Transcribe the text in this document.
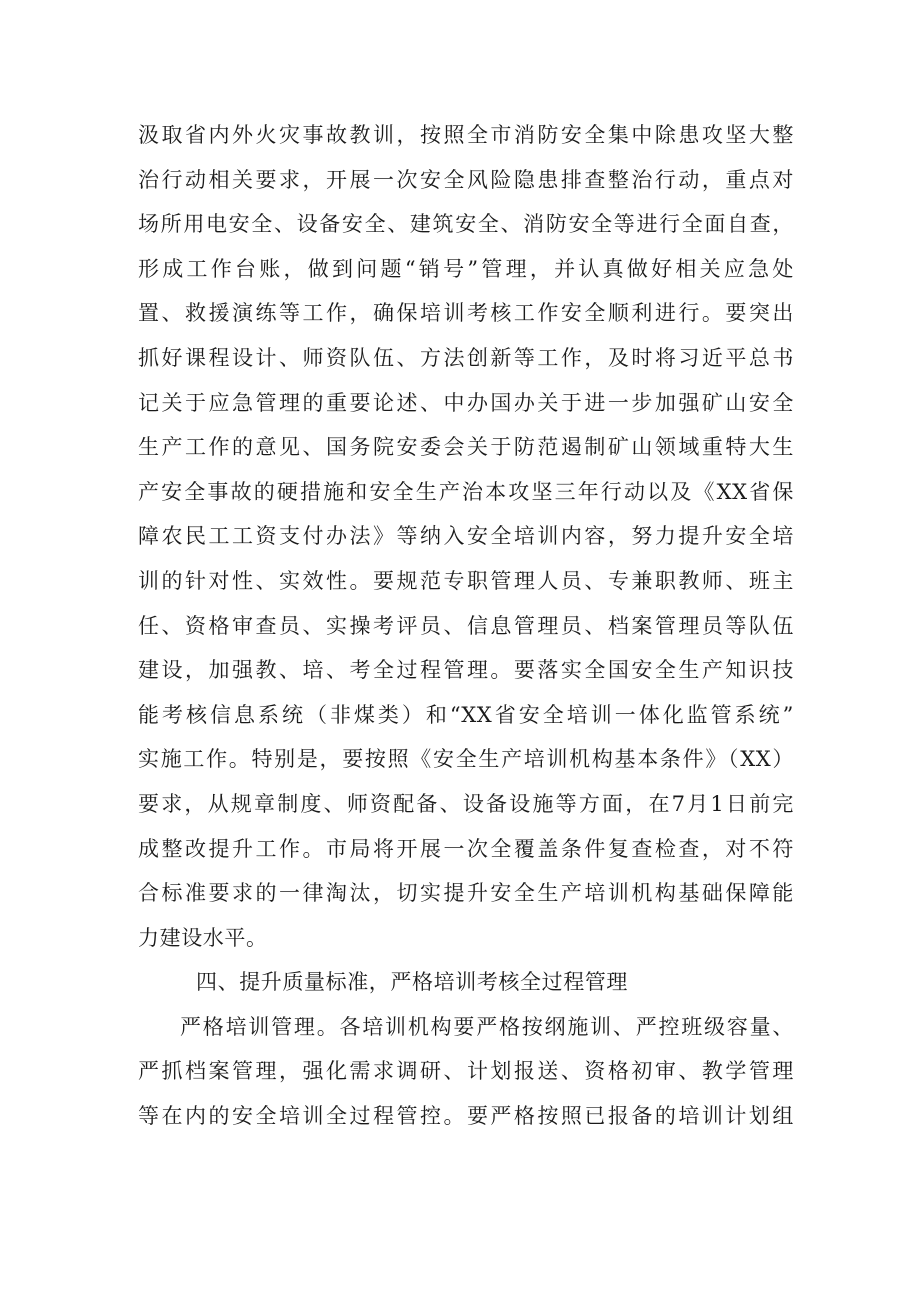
汲取省内外火灾事故教训，按照全市消防安全集中除患攻坚大整
治行动相关要求，开展一次安全风险隐患排查整治行动，重点对
场所用电安全、设备安全、建筑安全、消防安全等进行全面自查，
形成工作台账，做到问题“销号”管理，并认真做好相关应急处
置、救援演练等工作，确保培训考核工作安全顺利进行。要突出
抓好课程设计、师资队伍、方法创新等工作，及时将习近平总书
记关于应急管理的重要论述、中办国办关于进一步加强矿山安全
生产工作的意见、国务院安委会关于防范遏制矿山领域重特大生
产安全事故的硬措施和安全生产治本攻坚三年行动以及《XX省保
障农民工工资支付办法》等纳入安全培训内容，努力提升安全培
训的针对性、实效性。要规范专职管理人员、专兼职教师、班主
任、资格审查员、实操考评员、信息管理员、档案管理员等队伍
建设，加强教、培、考全过程管理。要落实全国安全生产知识技
能考核信息系统（非煤类）和“XX省安全培训一体化监管系统”
实施工作。特别是，要按照《安全生产培训机构基本条件》（XX）
要求，从规章制度、师资配备、设备设施等方面，在7月1日前完
成整改提升工作。市局将开展一次全覆盖条件复查检查，对不符
合标准要求的一律淘汰，切实提升安全生产培训机构基础保障能
力建设水平。
四、提升质量标准，严格培训考核全过程管理
严格培训管理。各培训机构要严格按纲施训、严控班级容量、
严抓档案管理，强化需求调研、计划报送、资格初审、教学管理
等在内的安全培训全过程管控。要严格按照已报备的培训计划组
